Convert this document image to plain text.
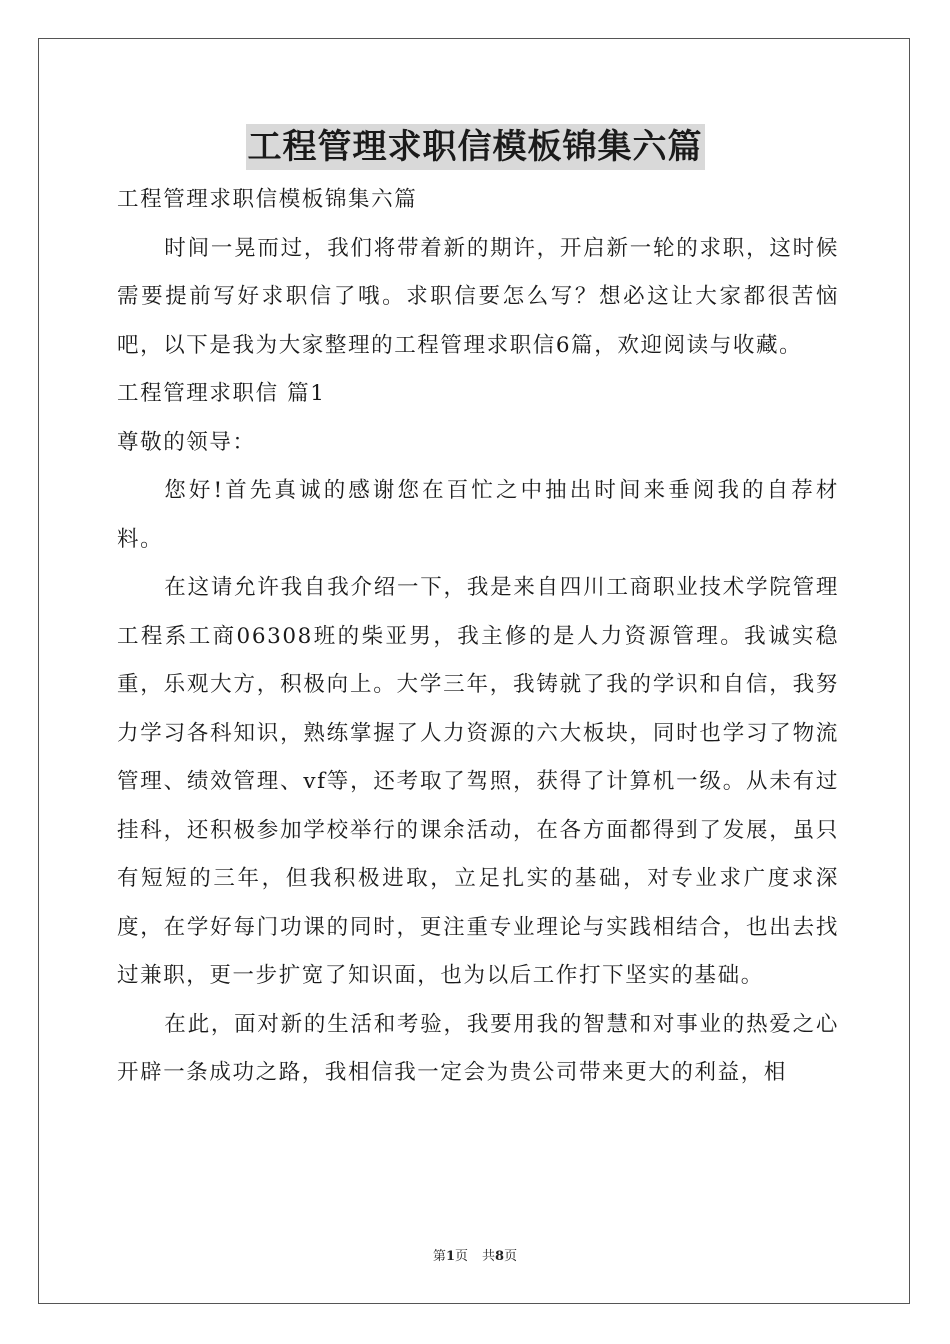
工程管理求职信模板锦集六篇

工程管理求职信模板锦集六篇

时间一晃而过，我们将带着新的期许，开启新一轮的求职，这时候需要提前写好求职信了哦。求职信要怎么写？想必这让大家都很苦恼吧，以下是我为大家整理的工程管理求职信6篇，欢迎阅读与收藏。

工程管理求职信 篇1

尊敬的领导：

您好!首先真诚的感谢您在百忙之中抽出时间来垂阅我的自荐材料。

在这请允许我自我介绍一下，我是来自四川工商职业技术学院管理工程系工商06308班的柴亚男，我主修的是人力资源管理。我诚实稳重，乐观大方，积极向上。大学三年，我铸就了我的学识和自信，我努力学习各科知识，熟练掌握了人力资源的六大板块，同时也学习了物流管理、绩效管理、vf等，还考取了驾照，获得了计算机一级。从未有过挂科，还积极参加学校举行的课余活动，在各方面都得到了发展，虽只有短短的三年，但我积极进取，立足扎实的基础，对专业求广度求深度，在学好每门功课的同时，更注重专业理论与实践相结合，也出去找过兼职，更一步扩宽了知识面，也为以后工作打下坚实的基础。

在此，面对新的生活和考验，我要用我的智慧和对事业的热爱之心开辟一条成功之路，我相信我一定会为贵公司带来更大的利益，相

第1页 共8页
